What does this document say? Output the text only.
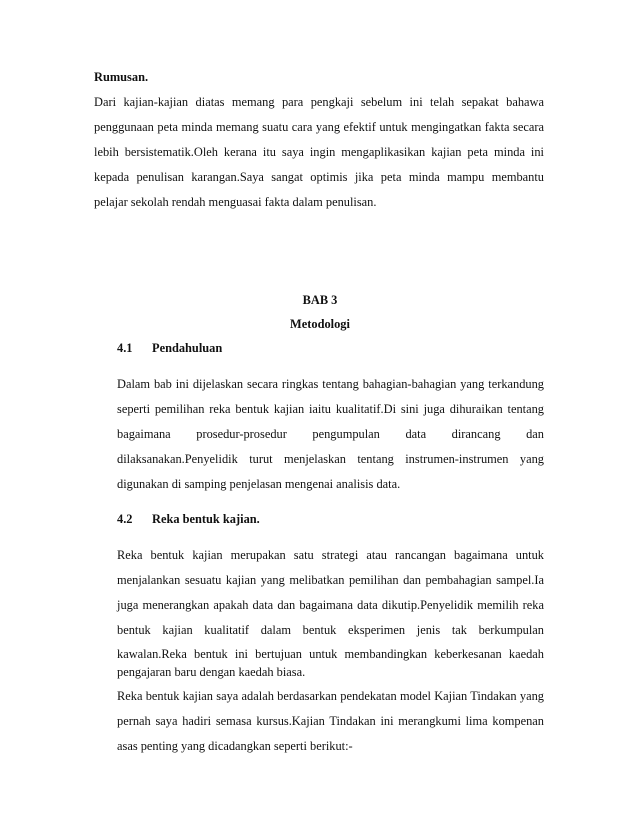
Rumusan.
Dari kajian-kajian diatas memang para pengkaji sebelum ini telah sepakat bahawa
penggunaan peta minda memang suatu cara yang efektif untuk mengingatkan fakta secara
lebih bersistematik.Oleh kerana itu saya ingin mengaplikasikan kajian peta minda ini
kepada penulisan karangan.Saya sangat optimis jika peta minda mampu membantu
pelajar sekolah rendah menguasai fakta dalam penulisan.
BAB 3
Metodologi
4.1 Pendahuluan
Dalam bab ini dijelaskan secara ringkas tentang bahagian-bahagian yang terkandung
seperti pemilihan reka bentuk kajian iaitu kualitatif.Di sini juga dihuraikan tentang
bagaimana prosedur-prosedur pengumpulan data dirancang dan
dilaksanakan.Penyelidik turut menjelaskan tentang instrumen-instrumen yang
digunakan di samping penjelasan mengenai analisis data.
4.2 Reka bentuk kajian.
Reka bentuk kajian merupakan satu strategi atau rancangan bagaimana untuk
menjalankan sesuatu kajian yang melibatkan pemilihan dan pembahagian sampel.Ia
juga menerangkan apakah data dan bagaimana data dikutip.Penyelidik memilih reka
bentuk kajian kualitatif dalam bentuk eksperimen jenis tak berkumpulan
kawalan.Reka bentuk ini bertujuan untuk membandingkan keberkesanan kaedah
pengajaran baru dengan kaedah biasa.
Reka bentuk kajian saya adalah berdasarkan pendekatan model Kajian Tindakan yang
pernah saya hadiri semasa kursus.Kajian Tindakan ini merangkumi lima kompenan
asas penting yang dicadangkan seperti berikut:-
